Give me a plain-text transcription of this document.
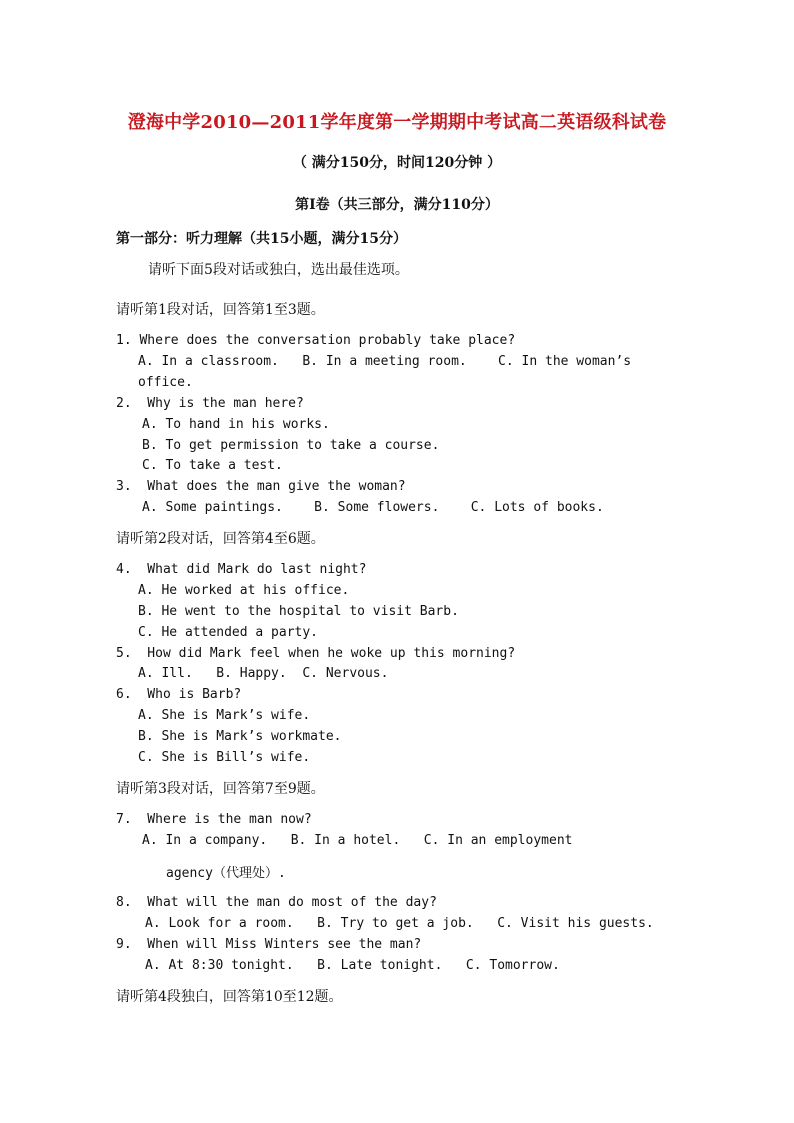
澄海中学2010—2011学年度第一学期期中考试高二英语级科试卷
（ 满分150分，时间120分钟 ）
第Ⅰ卷（共三部分，满分110分）
第一部分：听力理解（共15小题，满分15分）
请听下面5段对话或独白，选出最佳选项。
请听第1段对话，回答第1至3题。
1. Where does the conversation probably take place?
A. In a classroom.   B. In a meeting room.    C. In the woman’s
office.
2.  Why is the man here?
A. To hand in his works.
B. To get permission to take a course.
C. To take a test.
3.  What does the man give the woman?
A. Some paintings.    B. Some flowers.    C. Lots of books.
请听第2段对话，回答第4至6题。
4.  What did Mark do last night?
A. He worked at his office.
B. He went to the hospital to visit Barb.
C. He attended a party.
5.  How did Mark feel when he woke up this morning?
A. Ill.   B. Happy.  C. Nervous.
6.  Who is Barb?
A. She is Mark’s wife.
B. She is Mark’s workmate.
C. She is Bill’s wife.
请听第3段对话，回答第7至9题。
7.  Where is the man now?
A. In a company.   B. In a hotel.   C. In an employment
agency（代理处）.
8.  What will the man do most of the day?
A. Look for a room.   B. Try to get a job.   C. Visit his guests.
9.  When will Miss Winters see the man?
A. At 8:30 tonight.   B. Late tonight.   C. Tomorrow.
请听第4段独白，回答第10至12题。
